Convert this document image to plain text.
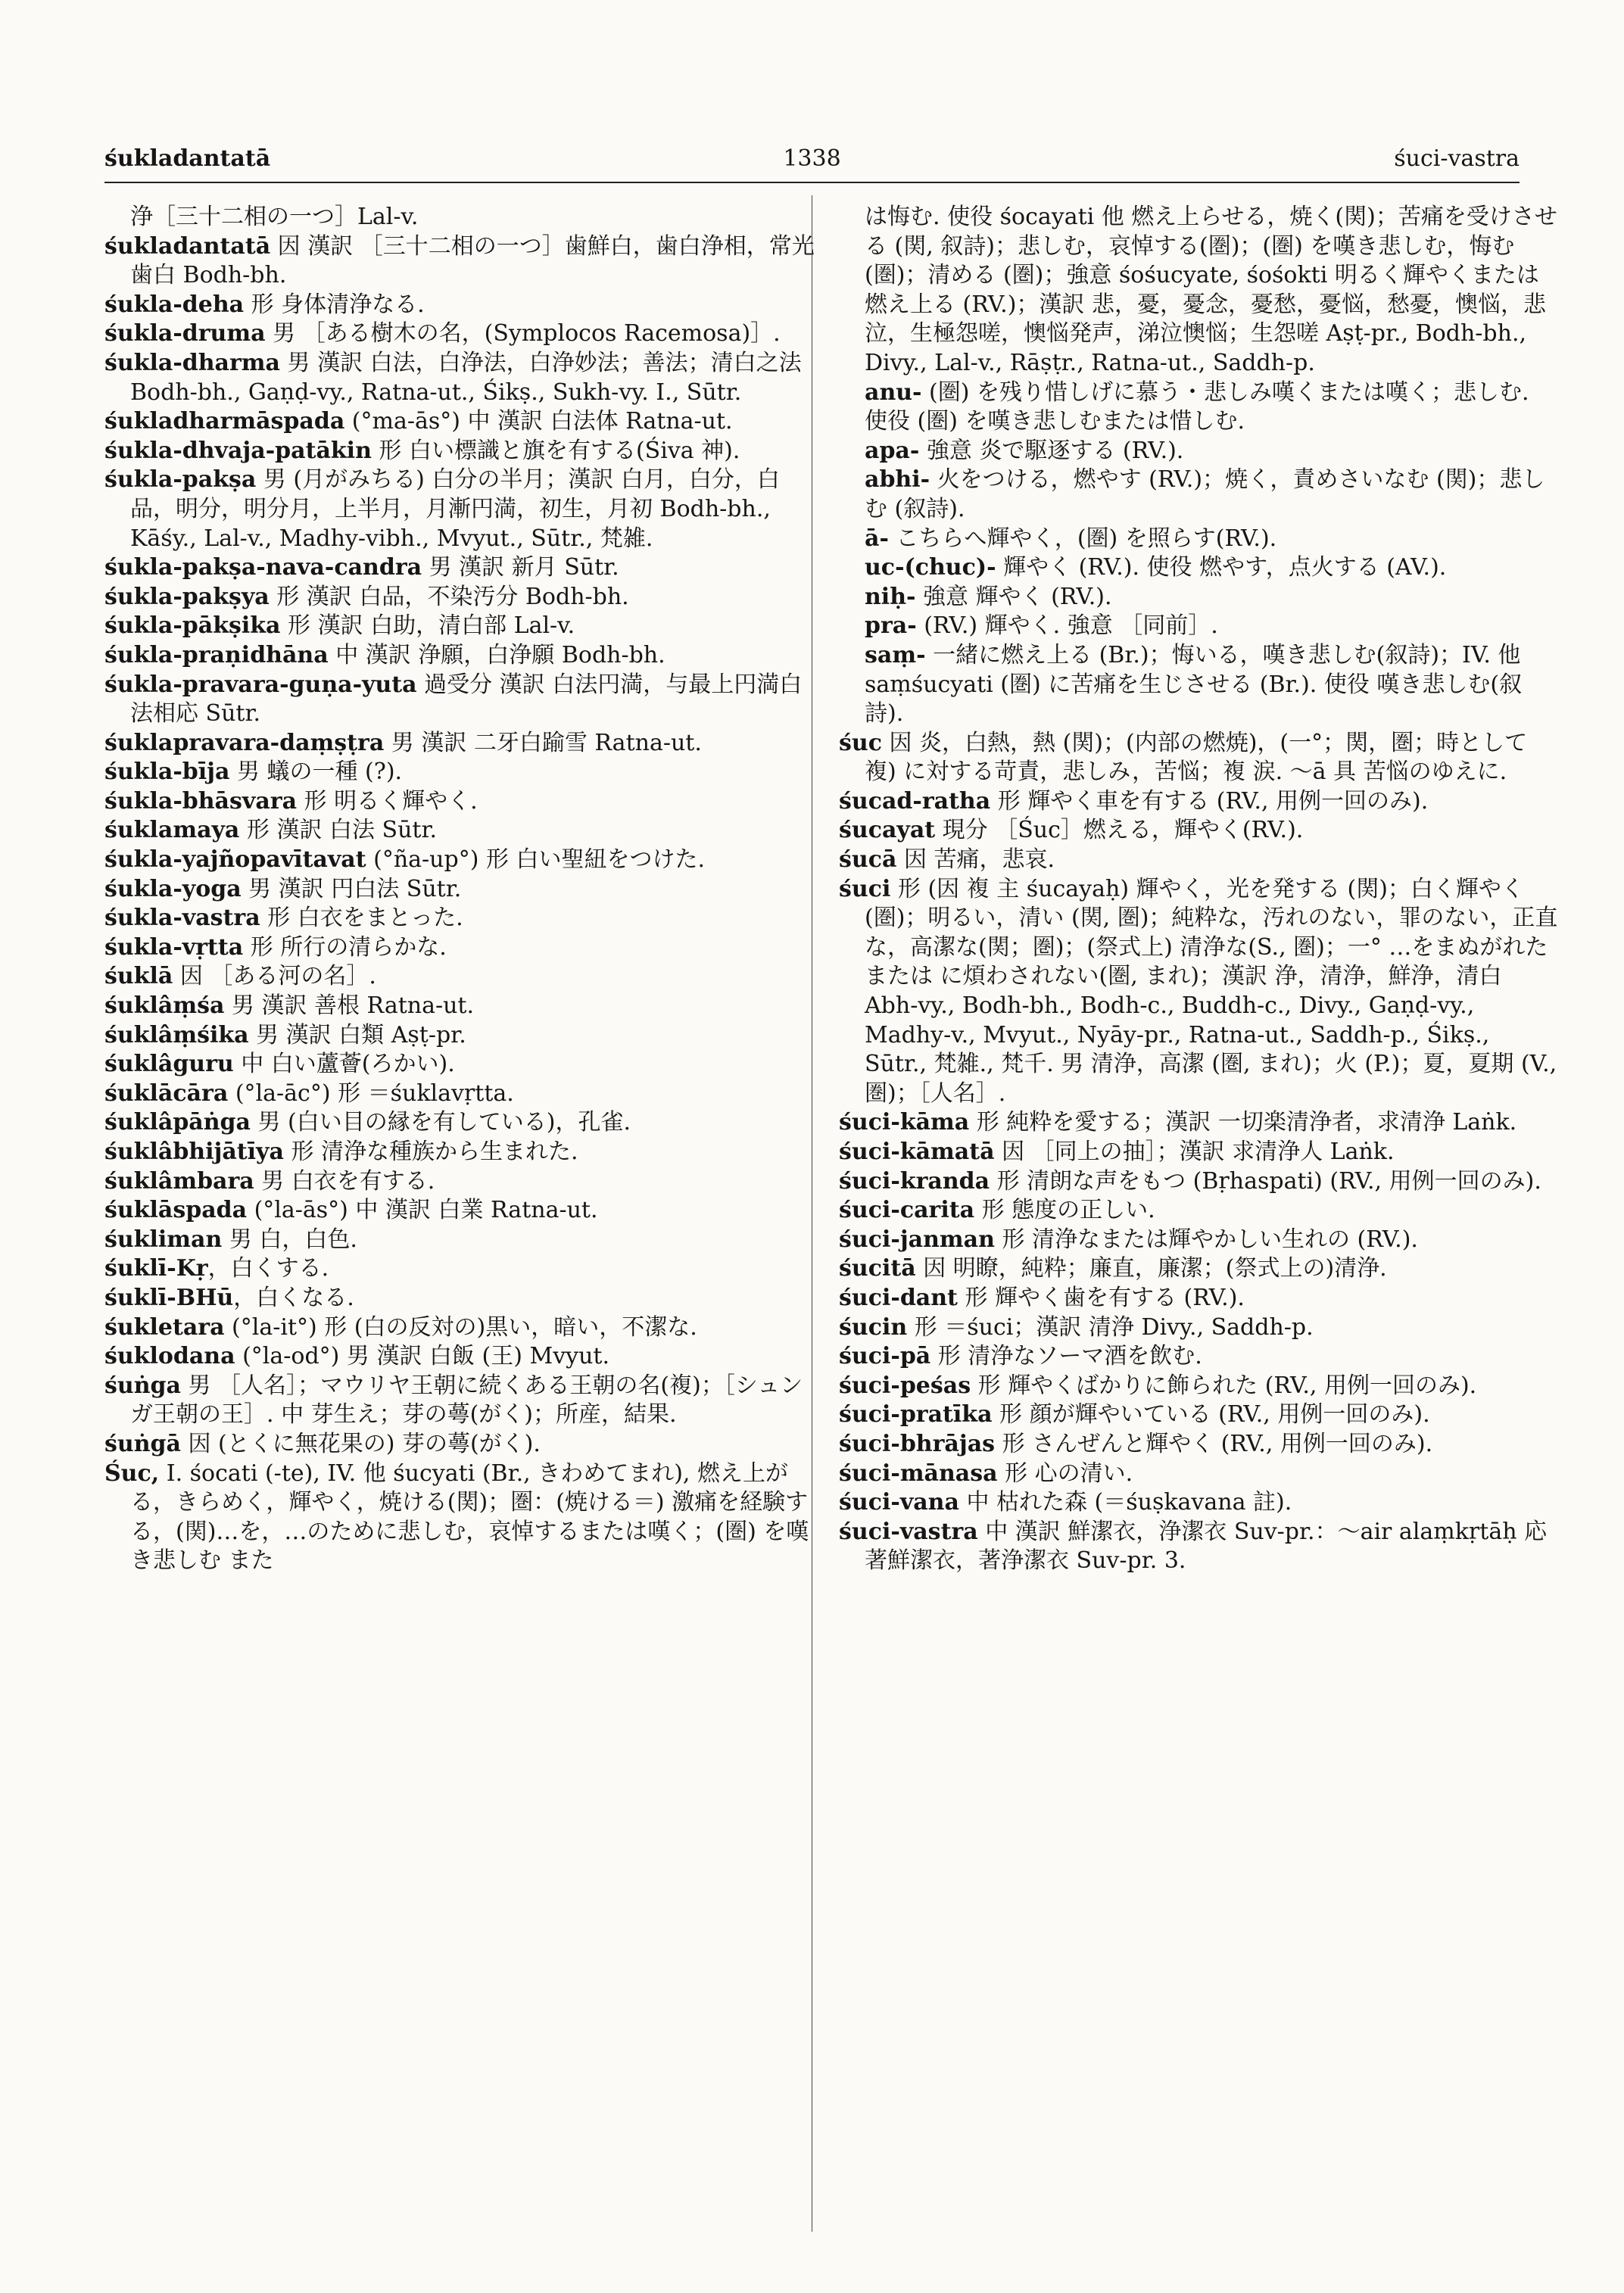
śukladantatā	1338	śuci-vastra

浄［三十二相の一つ］Lal-v.

śukladantatā 因 漢訳 ［三十二相の一つ］歯鮮白，歯白浄相，常光歯白 Bodh-bh.

śukla-deha 形 身体清浄なる.

śukla-druma 男 ［ある樹木の名，(Symplocos Racemosa)］.

śukla-dharma 男 漢訳 白法，白浄法，白浄妙法；善法；清白之法 Bodh-bh., Gaṇḍ-vy., Ratna-ut., Śikṣ., Sukh-vy. I., Sūtr.

śukladharmāspada (°ma-ās°) 中 漢訳 白法体 Ratna-ut.

śukla-dhvaja-patākin 形 白い標識と旗を有する(Śiva 神).

śukla-pakṣa 男 (月がみちる) 白分の半月；漢訳 白月，白分，白品，明分，明分月，上半月，月漸円満，初生，月初 Bodh-bh., Kāśy., Lal-v., Madhy-vibh., Mvyut., Sūtr., 梵雑.

śukla-pakṣa-nava-candra 男 漢訳 新月 Sūtr.

śukla-pakṣya 形 漢訳 白品，不染汚分 Bodh-bh.

śukla-pākṣika 形 漢訳 白助，清白部 Lal-v.

śukla-praṇidhāna 中 漢訳 浄願，白浄願 Bodh-bh.

śukla-pravara-guṇa-yuta 過受分 漢訳 白法円満，与最上円満白法相応 Sūtr.

śuklapravara-daṃṣṭra 男 漢訳 二牙白踰雪 Ratna-ut.

śukla-bīja 男 蟻の一種 (?).

śukla-bhāsvara 形 明るく輝やく.

śuklamaya 形 漢訳 白法 Sūtr.

śukla-yajñopavītavat (°ña-up°) 形 白い聖紐をつけた.

śukla-yoga 男 漢訳 円白法 Sūtr.

śukla-vastra 形 白衣をまとった.

śukla-vṛtta 形 所行の清らかな.

śuklā 因 ［ある河の名］.

śuklâṃśa 男 漢訳 善根 Ratna-ut.

śuklâṃśika 男 漢訳 白類 Aṣṭ-pr.

śuklâguru 中 白い蘆薈(ろかい).

śuklācāra (°la-āc°) 形 ＝śuklavṛtta.

śuklâpāṅga 男 (白い目の縁を有している)，孔雀.

śuklâbhijātīya 形 清浄な種族から生まれた.

śuklâmbara 男 白衣を有する.

śuklāspada (°la-ās°) 中 漢訳 白業 Ratna-ut.

śukliman 男 白，白色.

śuklī-Kṛ，白くする.

śuklī-BHū，白くなる.

śukletara (°la-it°) 形 (白の反対の)黒い，暗い，不潔な.

śuklodana (°la-od°) 男 漢訳 白飯 (王) Mvyut.

śuṅga 男 ［人名］；マウリヤ王朝に続くある王朝の名(複)；［シュンガ王朝の王］. 中 芽生え；芽の蕚(がく)；所産，結果.

śuṅgā 因 (とくに無花果の) 芽の蕚(がく).

Śuc, I. śocati (-te), IV. 他 śucyati (Br., きわめてまれ), 燃え上がる，きらめく，輝やく，焼ける(関)；圏：(焼ける＝) 激痛を経験する，(関)…を，…のために悲しむ，哀悼するまたは嘆く；(圏) を嘆き悲しむ また

は悔む. 使役 śocayati 他 燃え上らせる，焼く(関)；苦痛を受けさせる (関, 叙詩)；悲しむ，哀悼する(圏)；(圏) を嘆き悲しむ，悔む (圏)；清める (圏)；強意 śośucyate, śośokti 明るく輝やくまたは燃え上る (RV.)；漢訳 悲，憂，憂念，憂愁，憂悩，愁憂，懊悩，悲泣，生極怨嗟，懊悩発声，涕泣懊悩；生怨嗟 Aṣṭ-pr., Bodh-bh., Divy., Lal-v., Rāṣṭr., Ratna-ut., Saddh-p.

anu- (圏) を残り惜しげに慕う・悲しみ嘆くまたは嘆く；悲しむ. 使役 (圏) を嘆き悲しむまたは惜しむ.

apa- 強意 炎で駆逐する (RV.).

abhi- 火をつける，燃やす (RV.)；焼く，責めさいなむ (関)；悲しむ (叙詩).

ā- こちらへ輝やく，(圏) を照らす(RV.).

uc-(chuc)- 輝やく (RV.). 使役 燃やす，点火する (AV.).

niḥ- 強意 輝やく (RV.).

pra- (RV.) 輝やく. 強意 ［同前］.

saṃ- 一緒に燃え上る (Br.)；悔いる，嘆き悲しむ(叙詩)；IV. 他 saṃśucyati (圏) に苦痛を生じさせる (Br.). 使役 嘆き悲しむ(叙詩).

śuc 因 炎，白熱，熱 (関)；(内部の燃焼)，(一°；関，圏；時として 複) に対する苛責，悲しみ，苦悩；複 涙. ～ā 具 苦悩のゆえに.

śucad-ratha 形 輝やく車を有する (RV., 用例一回のみ).

śucayat 現分 ［Śuc］燃える，輝やく(RV.).

śucā 因 苦痛，悲哀.

śuci 形 (因 複 主 śucayaḥ) 輝やく，光を発する (関)；白く輝やく (圏)；明るい，清い (関, 圏)；純粋な，汚れのない，罪のない，正直な，高潔な(関；圏)；(祭式上) 清浄な(S., 圏)；一° …をまぬがれたまたは に煩わされない(圏, まれ)；漢訳 浄，清浄，鮮浄，清白 Abh-vy., Bodh-bh., Bodh-c., Buddh-c., Divy., Gaṇḍ-vy., Madhy-v., Mvyut., Nyāy-pr., Ratna-ut., Saddh-p., Śikṣ., Sūtr., 梵雑., 梵千. 男 清浄，高潔 (圏, まれ)；火 (P.)；夏，夏期 (V., 圏)；［人名］.

śuci-kāma 形 純粋を愛する；漢訳 一切楽清浄者，求清浄 Laṅk.

śuci-kāmatā 因 ［同上の抽］；漢訳 求清浄人 Laṅk.

śuci-kranda 形 清朗な声をもつ (Bṛhaspati) (RV., 用例一回のみ).

śuci-carita 形 態度の正しい.

śuci-janman 形 清浄なまたは輝やかしい生れの (RV.).

śucitā 因 明瞭，純粋；廉直，廉潔；(祭式上の)清浄.

śuci-dant 形 輝やく歯を有する (RV.).

śucin 形 ＝śuci；漢訳 清浄 Divy., Saddh-p.

śuci-pā 形 清浄なソーマ酒を飲む.

śuci-peśas 形 輝やくばかりに飾られた (RV., 用例一回のみ).

śuci-pratīka 形 顔が輝やいている (RV., 用例一回のみ).

śuci-bhrājas 形 さんぜんと輝やく (RV., 用例一回のみ).

śuci-mānasa 形 心の清い.

śuci-vana 中 枯れた森 (＝śuṣkavana 註).

śuci-vastra 中 漢訳 鮮潔衣，浄潔衣 Suv-pr.：～air alaṃkṛtāḥ 応著鮮潔衣，著浄潔衣 Suv-pr. 3.
